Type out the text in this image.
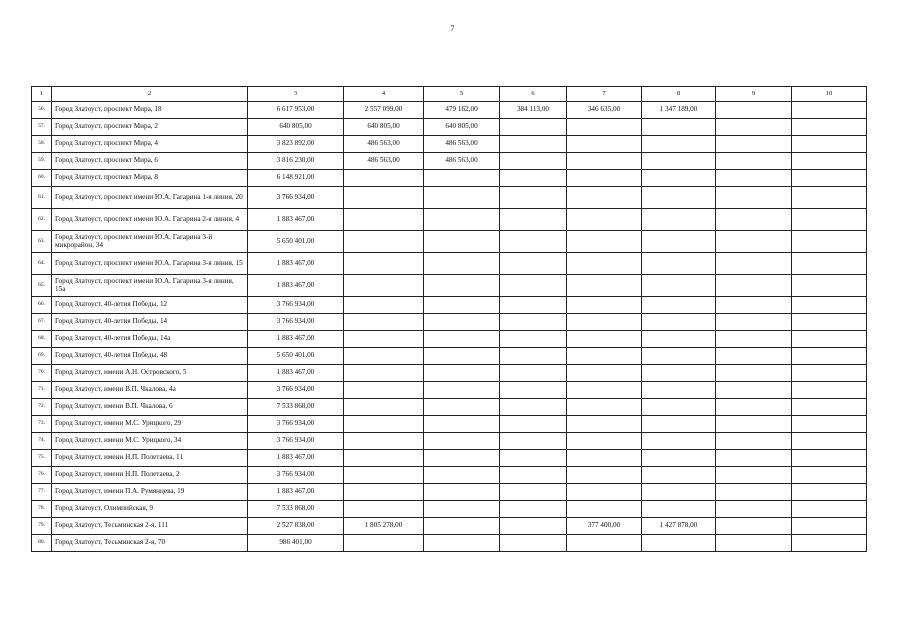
7
1	2	3	4	5	6	7	8	9	10
56.	Город Златоуст, проспект Мира, 18	6 617 953,00	2 557 099,00	479 162,00	384 113,00	346 635,00	1 347 189,00		
57.	Город Златоуст, проспект Мира, 2	640 805,00	640 805,00	640 805,00					
58.	Город Златоуст, проспект Мира, 4	3 823 892,00	486 563,00	486 563,00					
59.	Город Златоуст, проспект Мира, 6	3 816 230,00	486 563,00	486 563,00					
60.	Город Златоуст, проспект Мира, 8	6 148 921,00							
61.	Город Златоуст, проспект имени Ю.А. Гагарина 1-я линия, 20	3 766 934,00							
62.	Город Златоуст, проспект имени Ю.А. Гагарина 2-я линия, 4	1 883 467,00							
63.	Город Златоуст, проспект имени Ю.А. Гагарина 3-й микрорайон, 34	5 650 401,00							
64.	Город Златоуст, проспект имени Ю.А. Гагарина 3-я линия, 15	1 883 467,00							
65.	Город Златоуст, проспект имени Ю.А. Гагарина 3-я линия, 15а	1 883 467,00							
66.	Город Златоуст, 40-летия Победы, 12	3 766 934,00							
67.	Город Златоуст, 40-летия Победы, 14	3 766 934,00							
68.	Город Златоуст, 40-летия Победы, 14а	1 883 467,00							
69.	Город Златоуст, 40-летия Победы, 48	5 650 401,00							
70.	Город Златоуст, имени А.Н. Островского, 5	1 883 467,00							
71.	Город Златоуст, имени В.П. Чкалова, 4а	3 766 934,00							
72.	Город Златоуст, имени В.П. Чкалова, 6	7 533 868,00							
73.	Город Златоуст, имени М.С. Урицкого, 29	3 766 934,00							
74.	Город Златоуст, имени М.С. Урицкого, 34	3 766 934,00							
75.	Город Златоуст, имени Н.П. Полетаева, 11	1 883 467,00							
76.	Город Златоуст, имени Н.П. Полетаева, 2	3 766 934,00							
77.	Город Златоуст, имени П.А. Румянцева, 19	1 883 467,00							
78.	Город Златоуст, Олимпийская, 9	7 533 868,00							
79.	Город Златоуст, Тесьминская 2-я, 111	2 527 838,00	1 805 278,00			377 400,00	1 427 878,00		
80.	Город Златоуст, Тесьминская 2-я, 70	986 401,00							
